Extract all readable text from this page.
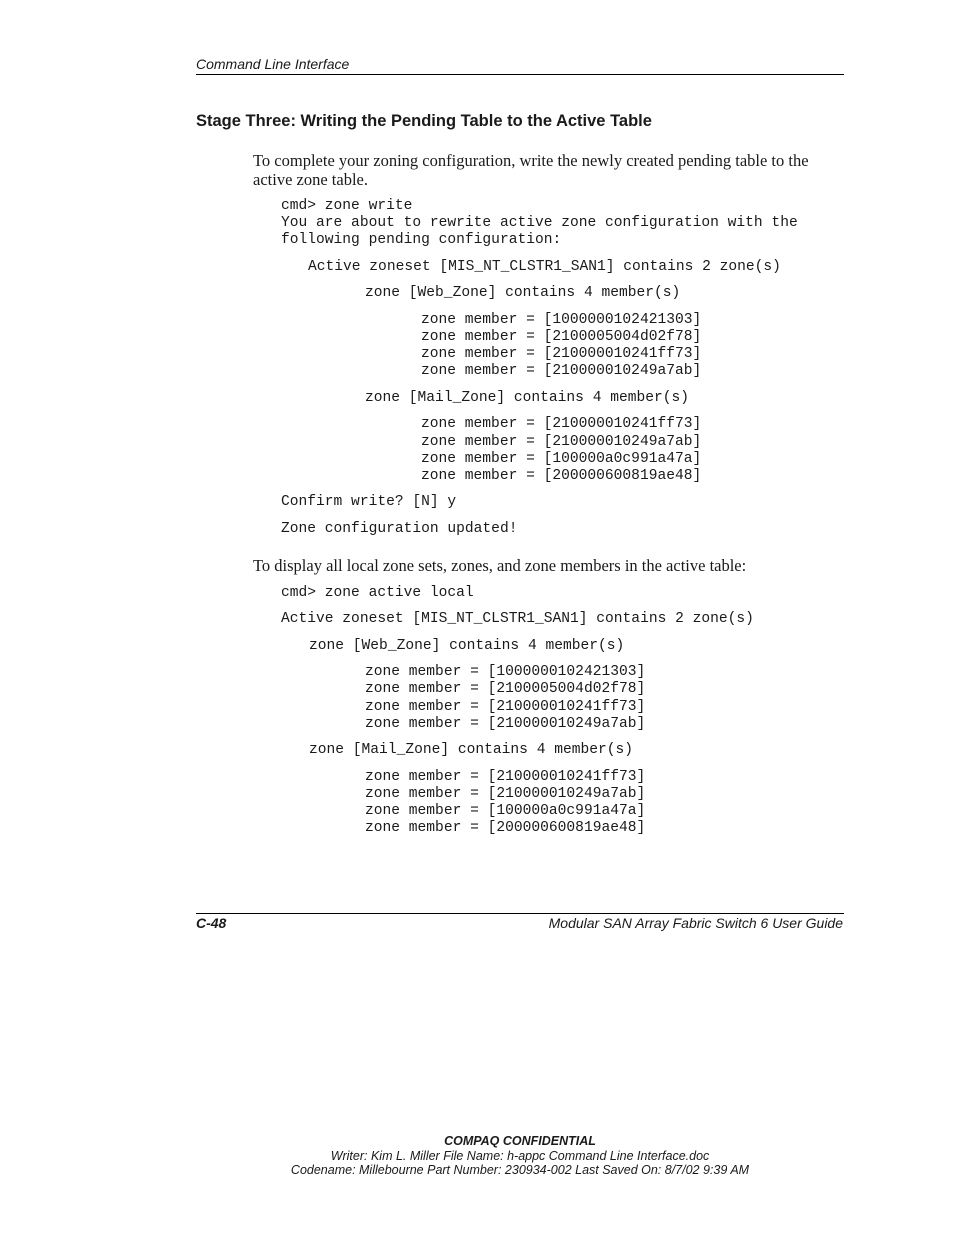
Command Line Interface
Stage Three: Writing the Pending Table to the Active Table
To complete your zoning configuration, write the newly created pending table to the active zone table.
cmd> zone write
You are about to rewrite active zone configuration with the
following pending configuration:
Active zoneset [MIS_NT_CLSTR1_SAN1] contains 2 zone(s)
zone [Web_Zone] contains 4 member(s)
zone member = [1000000102421303]
zone member = [2100005004d02f78]
zone member = [210000010241ff73]
zone member = [210000010249a7ab]
zone [Mail_Zone] contains 4 member(s)
zone member = [210000010241ff73]
zone member = [210000010249a7ab]
zone member = [100000a0c991a47a]
zone member = [200000600819ae48]
Confirm write? [N] y
Zone configuration updated!
To display all local zone sets, zones, and zone members in the active table:
cmd> zone active local
Active zoneset [MIS_NT_CLSTR1_SAN1] contains 2 zone(s)
zone [Web_Zone] contains 4 member(s)
zone member = [1000000102421303]
zone member = [2100005004d02f78]
zone member = [210000010241ff73]
zone member = [210000010249a7ab]
zone [Mail_Zone] contains 4 member(s)
zone member = [210000010241ff73]
zone member = [210000010249a7ab]
zone member = [100000a0c991a47a]
zone member = [200000600819ae48]
C-48	Modular SAN Array Fabric Switch 6 User Guide
COMPAQ CONFIDENTIAL
Writer: Kim L. Miller File Name: h-appc Command Line Interface.doc
Codename: Millebourne Part Number: 230934-002 Last Saved On: 8/7/02 9:39 AM
